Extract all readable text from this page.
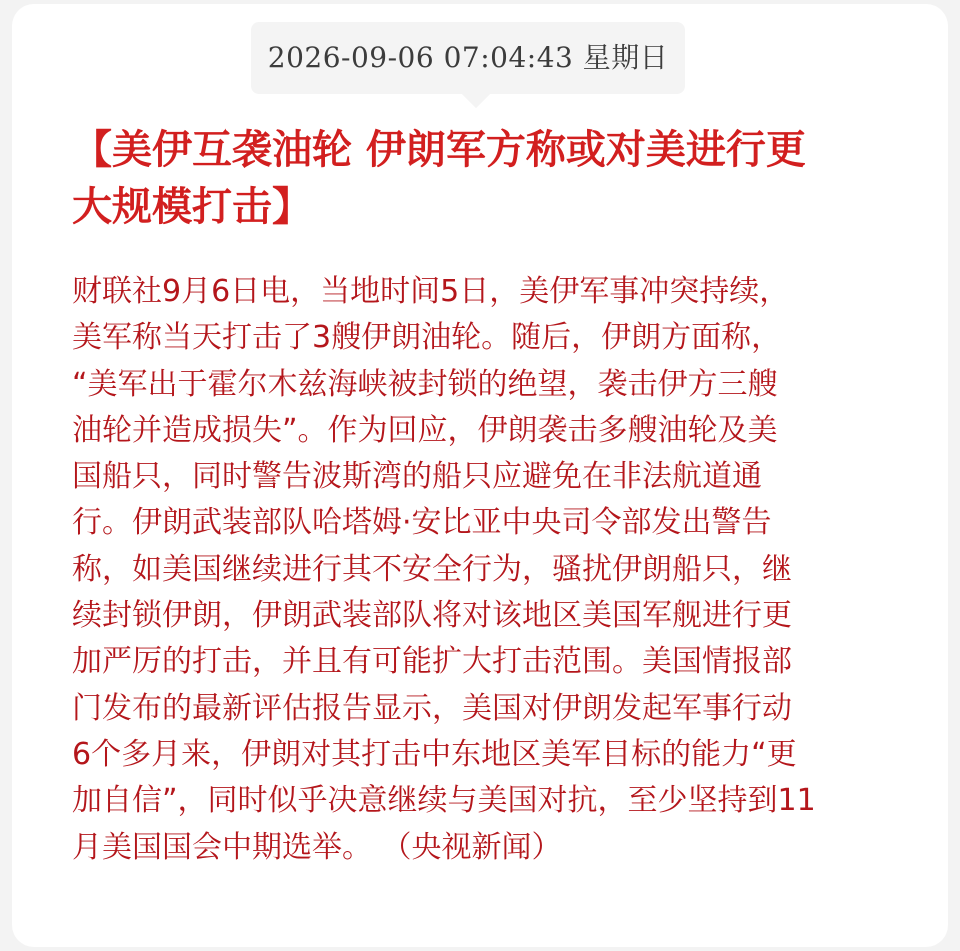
2026-09-06 07:04:43 星期日

【美伊互袭油轮 伊朗军方称或对美进行更
大规模打击】
财联社9月6日电，当地时间5日，美伊军事冲突持续，
美军称当天打击了3艘伊朗油轮。随后，伊朗方面称，
“美军出于霍尔木兹海峡被封锁的绝望，袭击伊方三艘
油轮并造成损失”。作为回应，伊朗袭击多艘油轮及美
国船只，同时警告波斯湾的船只应避免在非法航道通
行。伊朗武装部队哈塔姆·安比亚中央司令部发出警告
称，如美国继续进行其不安全行为，骚扰伊朗船只，继
续封锁伊朗，伊朗武装部队将对该地区美国军舰进行更
加严厉的打击，并且有可能扩大打击范围。美国情报部
门发布的最新评估报告显示，美国对伊朗发起军事行动
6个多月来，伊朗对其打击中东地区美军目标的能力“更
加自信”，同时似乎决意继续与美国对抗，至少坚持到11
月美国国会中期选举。 （央视新闻）
